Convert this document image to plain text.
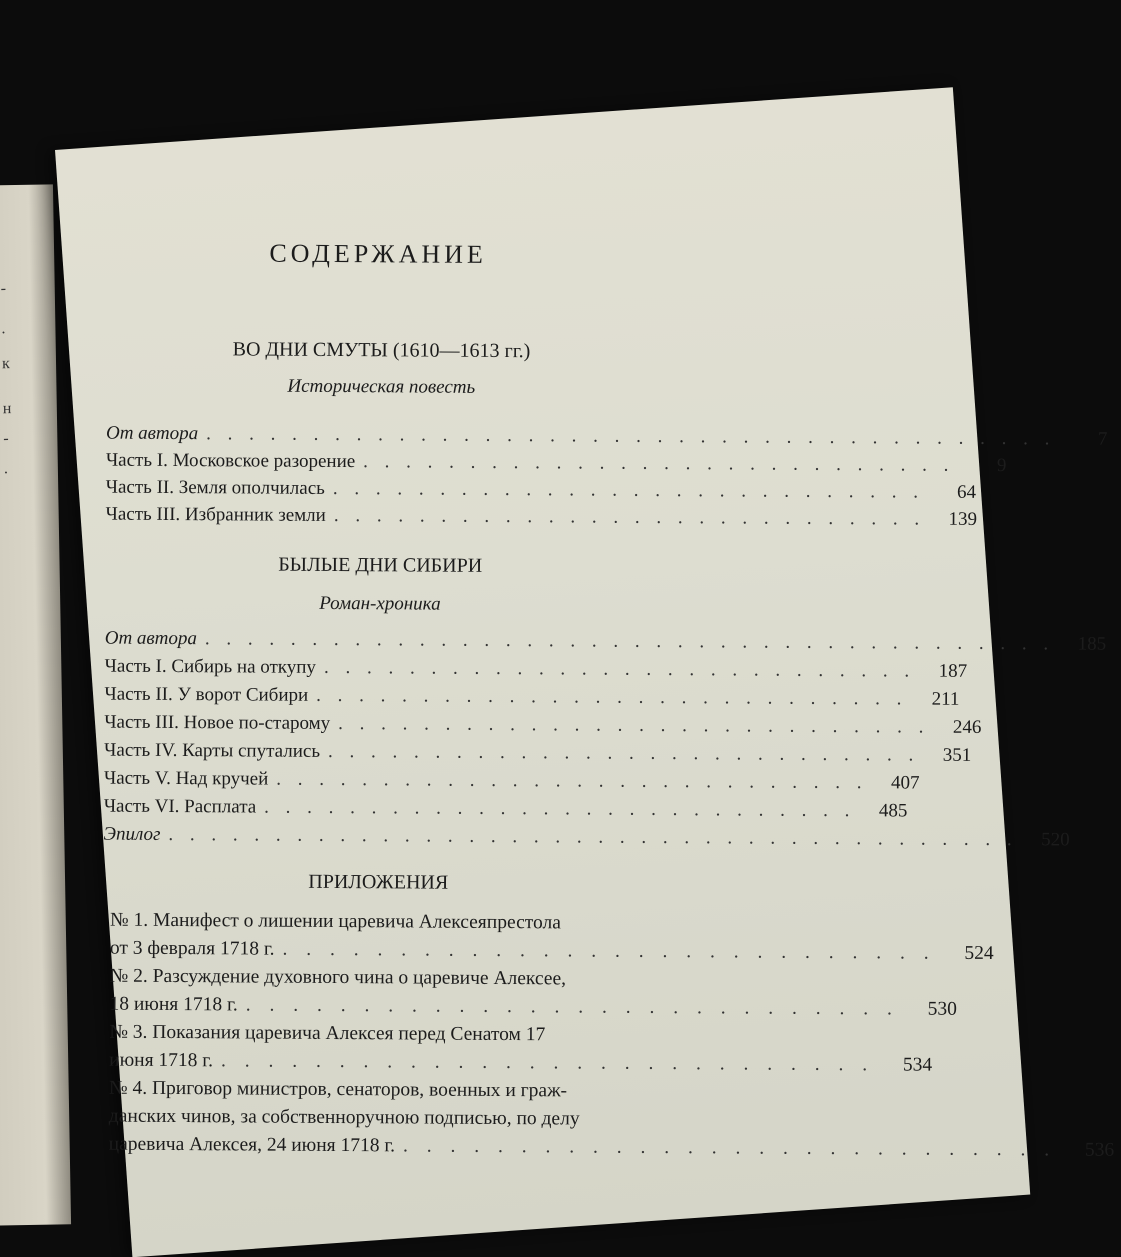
-
.
к
н
-
.
СОДЕРЖАНИЕ
ВО ДНИ СМУТЫ (1610—1613 гг.)
Историческая повесть
От автора . . . . . . . . . . . . . . . . . . . . . . . . . . . . . . . . . . . . . . . .	7
Часть I. Московское разорение . . . . . . . . . . . . . . . . . . . . . . . . . . . .	9
Часть II. Земля ополчилась . . . . . . . . . . . . . . . . . . . . . . . . . . . .	64
Часть III. Избранник земли . . . . . . . . . . . . . . . . . . . . . . . . . . . .	139
БЫЛЫЕ ДНИ СИБИРИ
Роман-хроника
От автора . . . . . . . . . . . . . . . . . . . . . . . . . . . . . . . . . . . . . . . .	185
Часть I. Сибирь на откупу . . . . . . . . . . . . . . . . . . . . . . . . . . . .	187
Часть II. У ворот Сибири . . . . . . . . . . . . . . . . . . . . . . . . . . . .	211
Часть III. Новое по-старому . . . . . . . . . . . . . . . . . . . . . . . . . . . .	246
Часть IV. Карты спутались . . . . . . . . . . . . . . . . . . . . . . . . . . . .	351
Часть V. Над кручей . . . . . . . . . . . . . . . . . . . . . . . . . . . .	407
Часть VI. Расплата . . . . . . . . . . . . . . . . . . . . . . . . . . . .	485
Эпилог . . . . . . . . . . . . . . . . . . . . . . . . . . . . . . . . . . . . . . . .	520
ПРИЛОЖЕНИЯ
№ 1. Манифест о лишении царевича Алексеяпрестола
от 3 февраля 1718 г. . . . . . . . . . . . . . . . . . . . . . . . . . . . .	524
№ 2. Разсуждение духовного чина о царевиче Алексее,
18 июня 1718 г. . . . . . . . . . . . . . . . . . . . . . . . . . . . .	530
№ 3. Показания царевича Алексея перед Сенатом 17
июня 1718 г. . . . . . . . . . . . . . . . . . . . . . . . . . . . .	534
№ 4. Приговор министров, сенаторов, военных и граж-
данских чинов, за собственноручною подписью, по делу
царевича Алексея, 24 июня 1718 г. . . . . . . . . . . . . . . . . . . . . . . . . . . . .	536
